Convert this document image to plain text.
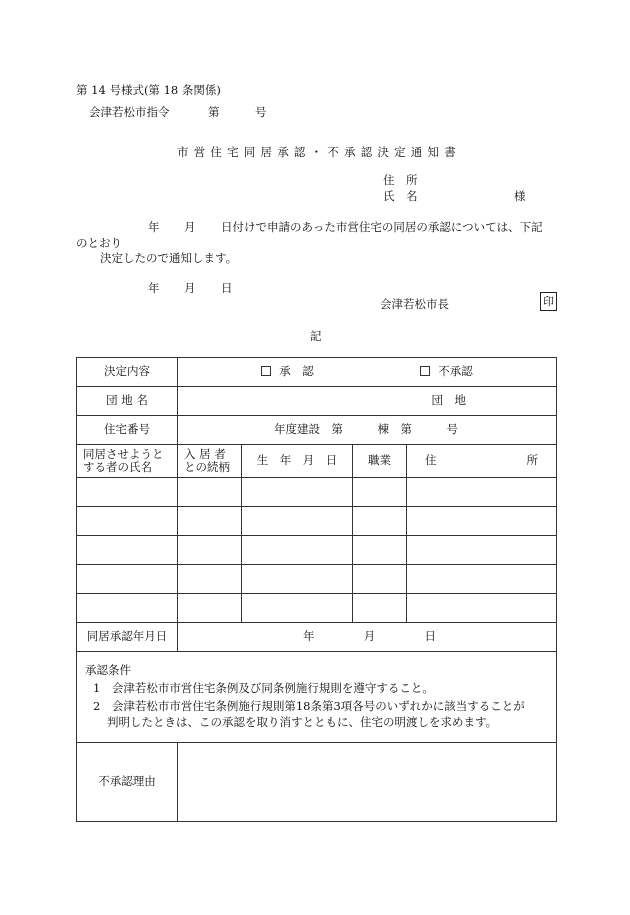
第 14 号様式(第 18 条関係)
会津若松市指令	第	号
市営住宅同居承認・不承認決定通知書
住　所
氏　名	様
年 月 日付けで申請のあった市営住宅の同居の承認については、下記
のとおり
決定したので通知します。
年 月 日
会津若松市長	印
記
決定内容	承　認 不承認			

団 地 名	団　地			
住宅番号	年度建設　第　　　棟　第　　　号			
同居させようとする者の氏名	入 居 者との続柄	生　年　月　日	職業	住 所

同居承認年月日	年 月 日			

承認条件
1　会津若松市市営住宅条例及び同条例施行規則を遵守すること。
2　会津若松市市営住宅条例施行規則第18条第3項各号のいずれかに該当することが
判明したときは、この承認を取り消すとともに、住宅の明渡しを求めます。				

不承認理由				
